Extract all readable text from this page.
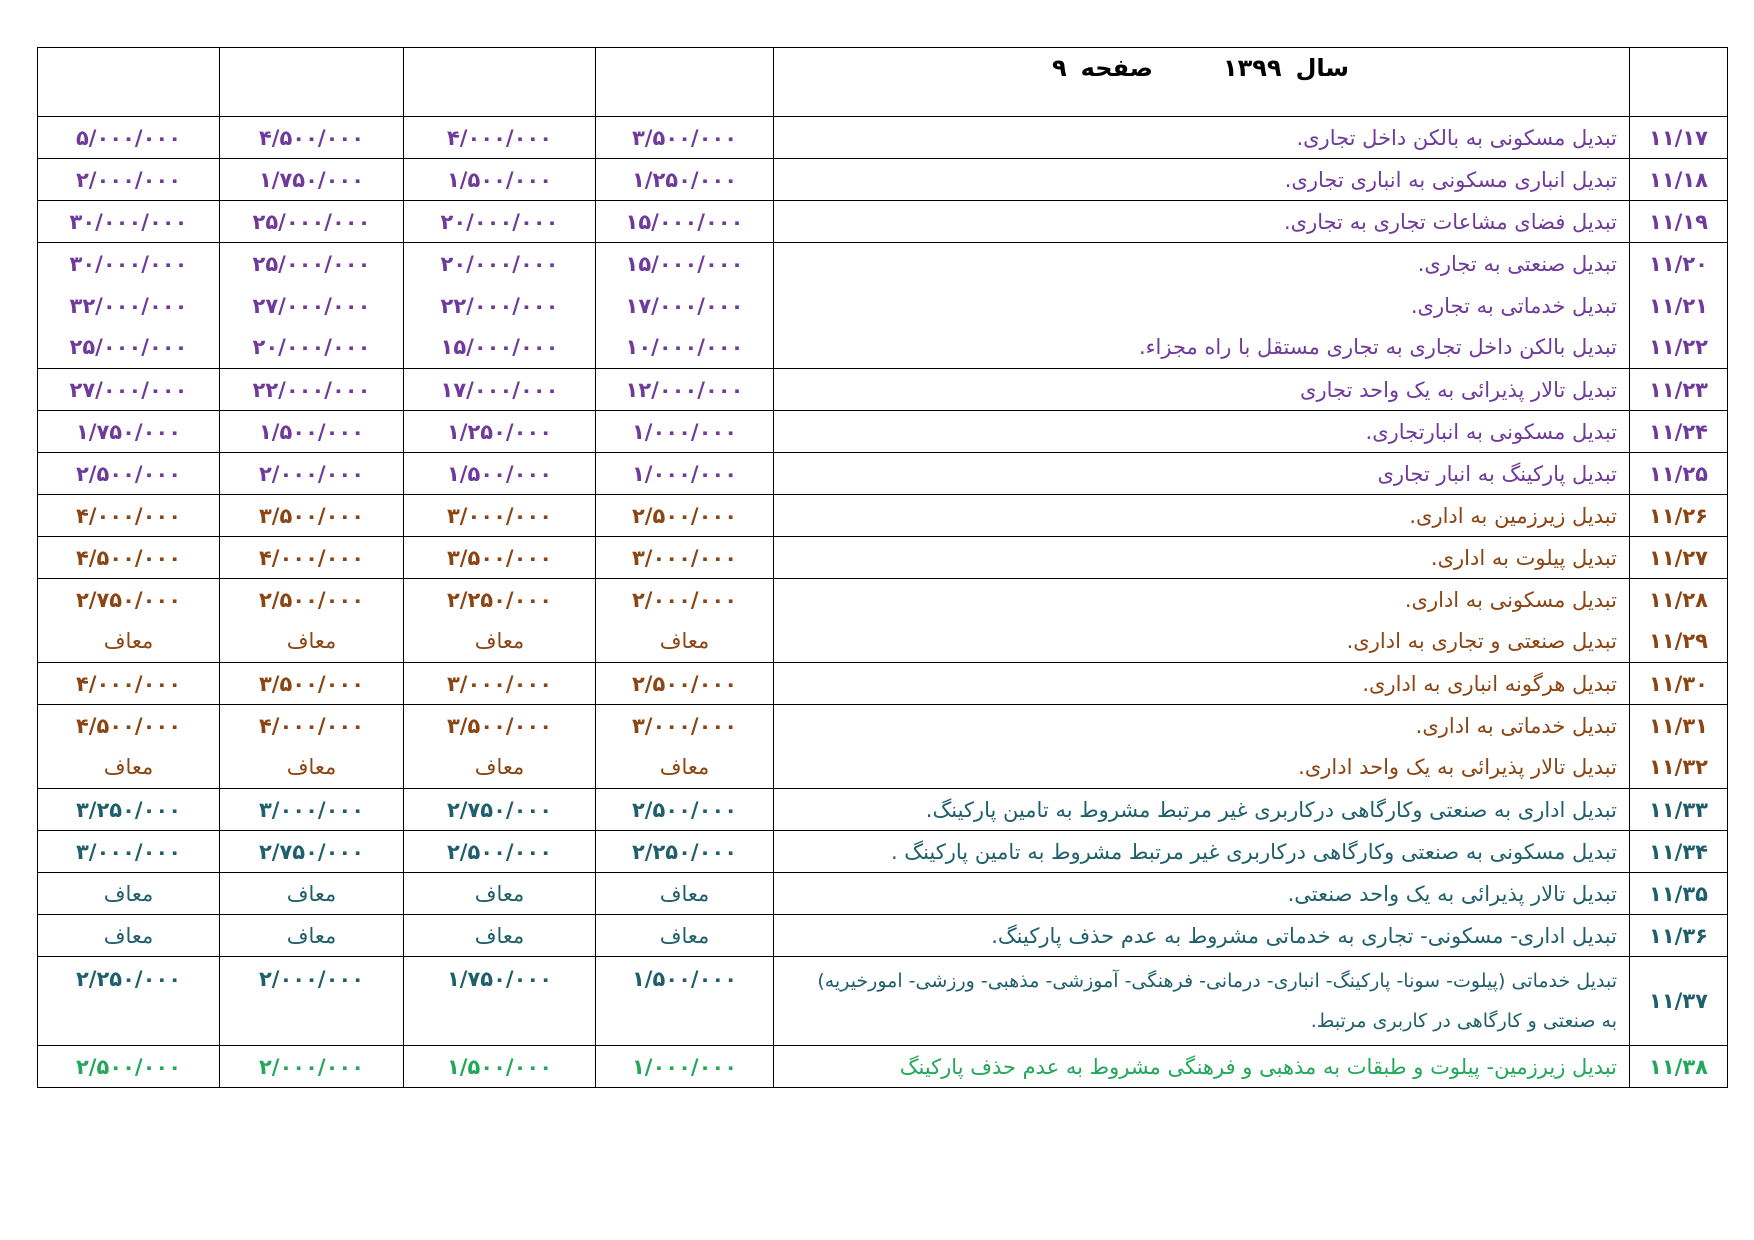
	سال۱۳۹۹صفحه۹				

۱۱/۱۷	تبدیل مسکونی به بالکن داخل تجاری.	۳/۵۰۰/۰۰۰	۴/۰۰۰/۰۰۰	۴/۵۰۰/۰۰۰	۵/۰۰۰/۰۰۰
۱۱/۱۸	تبدیل انباری مسکونی به انباری تجاری.	۱/۲۵۰/۰۰۰	۱/۵۰۰/۰۰۰	۱/۷۵۰/۰۰۰	۲/۰۰۰/۰۰۰
۱۱/۱۹	تبدیل فضای مشاعات تجاری به تجاری.	۱۵/۰۰۰/۰۰۰	۲۰/۰۰۰/۰۰۰	۲۵/۰۰۰/۰۰۰	۳۰/۰۰۰/۰۰۰
۱۱/۲۰	تبدیل صنعتی به تجاری.	۱۵/۰۰۰/۰۰۰	۲۰/۰۰۰/۰۰۰	۲۵/۰۰۰/۰۰۰	۳۰/۰۰۰/۰۰۰
۱۱/۲۱	تبدیل خدماتی به تجاری.	۱۷/۰۰۰/۰۰۰	۲۲/۰۰۰/۰۰۰	۲۷/۰۰۰/۰۰۰	۳۲/۰۰۰/۰۰۰
۱۱/۲۲	تبدیل بالکن داخل تجاری به تجاری مستقل با راه مجزاء.	۱۰/۰۰۰/۰۰۰	۱۵/۰۰۰/۰۰۰	۲۰/۰۰۰/۰۰۰	۲۵/۰۰۰/۰۰۰
۱۱/۲۳	تبدیل تالار پذیرائی به یک واحد تجاری	۱۲/۰۰۰/۰۰۰	۱۷/۰۰۰/۰۰۰	۲۲/۰۰۰/۰۰۰	۲۷/۰۰۰/۰۰۰
۱۱/۲۴	تبدیل مسکونی به انبارتجاری.	۱/۰۰۰/۰۰۰	۱/۲۵۰/۰۰۰	۱/۵۰۰/۰۰۰	۱/۷۵۰/۰۰۰
۱۱/۲۵	تبدیل پارکینگ به انبار تجاری	۱/۰۰۰/۰۰۰	۱/۵۰۰/۰۰۰	۲/۰۰۰/۰۰۰	۲/۵۰۰/۰۰۰
۱۱/۲۶	تبدیل زیرزمین به اداری.	۲/۵۰۰/۰۰۰	۳/۰۰۰/۰۰۰	۳/۵۰۰/۰۰۰	۴/۰۰۰/۰۰۰
۱۱/۲۷	تبدیل پیلوت به اداری.	۳/۰۰۰/۰۰۰	۳/۵۰۰/۰۰۰	۴/۰۰۰/۰۰۰	۴/۵۰۰/۰۰۰
۱۱/۲۸	تبدیل مسکونی به اداری.	۲/۰۰۰/۰۰۰	۲/۲۵۰/۰۰۰	۲/۵۰۰/۰۰۰	۲/۷۵۰/۰۰۰
۱۱/۲۹	تبدیل صنعتی و تجاری به اداری.	معاف	معاف	معاف	معاف
۱۱/۳۰	تبدیل هرگونه انباری به اداری.	۲/۵۰۰/۰۰۰	۳/۰۰۰/۰۰۰	۳/۵۰۰/۰۰۰	۴/۰۰۰/۰۰۰
۱۱/۳۱	تبدیل خدماتی به اداری.	۳/۰۰۰/۰۰۰	۳/۵۰۰/۰۰۰	۴/۰۰۰/۰۰۰	۴/۵۰۰/۰۰۰
۱۱/۳۲	تبدیل تالار پذیرائی به یک واحد اداری.	معاف	معاف	معاف	معاف
۱۱/۳۳	تبدیل اداری به صنعتی وکارگاهی درکاربری غیر مرتبط مشروط به تامین پارکینگ.	۲/۵۰۰/۰۰۰	۲/۷۵۰/۰۰۰	۳/۰۰۰/۰۰۰	۳/۲۵۰/۰۰۰
۱۱/۳۴	تبدیل مسکونی به صنعتی وکارگاهی درکاربری غیر مرتبط مشروط به تامین پارکینگ .	۲/۲۵۰/۰۰۰	۲/۵۰۰/۰۰۰	۲/۷۵۰/۰۰۰	۳/۰۰۰/۰۰۰
۱۱/۳۵	تبدیل تالار پذیرائی به یک واحد صنعتی.	معاف	معاف	معاف	معاف
۱۱/۳۶	تبدیل اداری- مسکونی- تجاری به خدماتی مشروط به عدم حذف پارکینگ.	معاف	معاف	معاف	معاف
۱۱/۳۷	تبدیل خدماتی (پیلوت- سونا- پارکینگ- انباری- درمانی- فرهنگی- آموزشی- مذهبی- ورزشی- امورخیریه)
به صنعتی و کارگاهی در کاربری مرتبط.	۱/۵۰۰/۰۰۰	۱/۷۵۰/۰۰۰	۲/۰۰۰/۰۰۰	۲/۲۵۰/۰۰۰
۱۱/۳۸	تبدیل زیرزمین- پیلوت و طبقات به مذهبی و فرهنگی مشروط به عدم حذف پارکینگ	۱/۰۰۰/۰۰۰	۱/۵۰۰/۰۰۰	۲/۰۰۰/۰۰۰	۲/۵۰۰/۰۰۰
